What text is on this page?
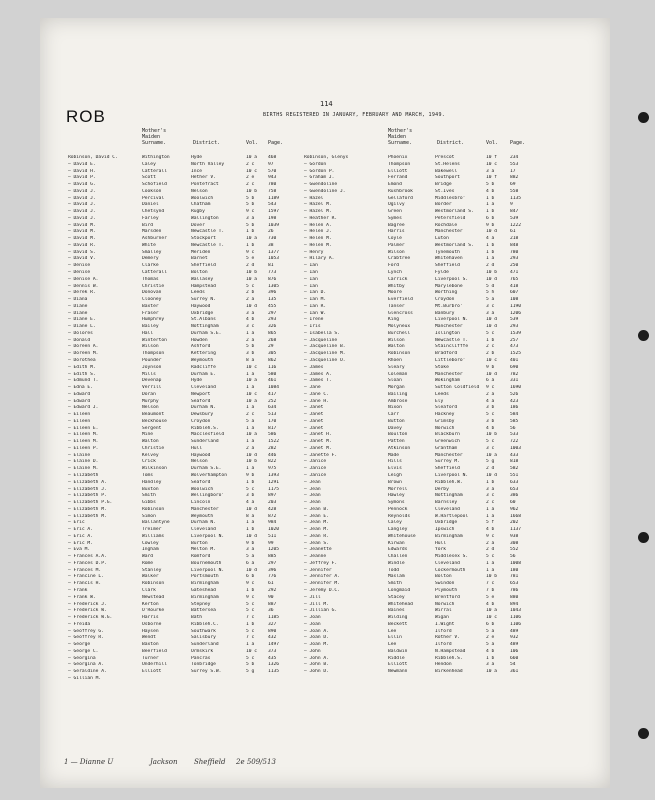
114
ROB	BIRTHS REGISTERED IN JANUARY, FEBRUARY AND MARCH, 1949.
Mother's Maiden Surname.	District.	Vol. Page.
Robinson, David C.	Withington	Hyde	10 a	468
— David E.	Caley	North Valley	2 c	97
— David H.	Catterall	Ince	10 c	570
— David P.	Scott	Hether V.	2 e	943
— David G.	Schofield	Pontefract	2 c	780
— David J.	Cookson	Nelson	10 b	758
— David J.	Percival	Woolwich	5 b	1189
— David J.	Daniel	Chatham	5 b	543
— David J.	Chetsynd	Rugby	9 c	1597
— David J.	Farley	Wallington	3 a	198
— David M.	Bird	Dover	5 b	1039
— David M.	Marsden	Newcastle T.	1 b	26
— David M.	Ashburner	Stockport	10 a	730
— David R.	White	Newcastle T.	1 b	38
— David S.	Smalley	Meriden	9 c	1377
— David V.	Demery	Barnet	5 e	1053
— Denise	Clarke	Sheffield	2 d	81
— Denise	Catterall	Bolton	10 b	773
— Denise A.	Thomas	Wallasey	10 a	876
— Dennis W.	Christie	Hampstead	5 c	1305
— Derek R.	Donovan	Leeds	2 b	396
— Diana	Clooney	Surrey N.	2 a	135
— Diane	Baxter	Haywood	10 d	455
— Diane	Fraser	Uxbridge	3 a	297
— Diane E.	Humphrey	St.Albans	4 b	293
— Diane L.	Bailey	Nottingham	3 c	326
— Dolores	Hall	Durham S.E.	1 a	865
— Donald	Winterton	Howden	2 a	268
— Doreen A.	Wilson	Ashford	5 b	29
— Doreen M.	Thompson	Kettering	3 b	305
— Dorothea	Pounder	Weymouth	8 a	862
— Edith M.	Joynson	Radcliffe	10 c	116
— Edith S.	Mills	Durham E.	1 a	580
— Edmund T.	Devenap	Hyde	10 a	461
— Edna E.	Verrill	Cleveland	1 a	1084
— Edward	Doran	Newport	10 c	417
— Edward	Murphy	Seaford	10 a	252
— Edward J.	Nelson	Durham N.	1 a	634
— Eileen	Beaumont	Dewsbury	2 c	513
— Eileen	Beckhouse	Croydon	5 a	170
— Eileen E.	Sergent	Ribbleh.S.	1 a	817
— Eileen M.	Mine	Macclesfield	10 a	586
— Eileen M.	Walton	Sunderland	1 a	1522
— Eileen P.	Christie	Hull	2 a	282
— Elaine	Kelvey	Haywood	10 d	446
— Elaine D.	Crick	Nelson	10 b	822
— Elaine M.	Wilkinson	Durham S.E.	1 a	975
— Elizabeth	Toms	Wolverhampton	9 b	1393
— Elizabeth A.	Handley	Seaford	1 b	1291
— Elizabeth J.	Buxton	Woolwich	5 c	1175
— Elizabeth P.	Smith	Wellingboro'	3 b	897
— Elizabeth P.G.	Gibbs	Lincoln	4 a	203
— Elizabeth M.	Robinson	Manchester	10 d	428
— Elizabeth M.	Simon	Weymouth	8 a	872
— Eric	Ballantyne	Durham N.	1 a	984
— Eric A.	Treimer	Cleveland	1 b	1020
— Eric A.	Williams	Liverpool N.	10 d	511
— Eric M.	Cowley	Burton	9 b	99
— Eva M.	Ingham	Melton M.	3 a	1205
— Frances A.A.	Ward	Romford	5 a	885
— Frances D.P.	Rome	Bournemouth	6 a	297
— Frances M.	Stanley	Liverpool N.	10 d	396
— Francine L.	Walker	Portsmouth	6 b	776
— Francis H.	Robinson	Birmingham	9 c	61
— Frank	Clark	Gateshead	1 b	292
— Frank W.	Newstead	Birmingham	9 c	90
— Frederick J.	Kerton	Stepney	5 c	887
— Frederick W.	O'Rourke	Battersea	5 c	36
— Frederick W.G.	Harris	Bath	7 c	1185
— Freida	Osborne	Ribbleh.C.	1 b	327
— Geoffrey G.	Haysen	Southwark	5 c	890
— Geoffrey R.	Wendt	Salisbury	7 c	432
— George	Baxton	Sunderland	1 a	1497
— George C.	Beerfield	Ormskirk	10 c	373
— Georgina	Turner	Pancras	5 c	435
— Georgina A.	Underhill	Tonbridge	5 b	1326
— Geraldine A.	Elliott	Surrey S.W.	5 g	1135
— Gillian M.
Mother's Maiden Surname.	District.	Vol. Page.
Robinson, Glenys	Phoenix	Prescot	10 f	234
— Gordon	Thompson	St.Helens	10 c	553
— Gordon P.	Elliott	Bakewell	3 a	17
— Graham J.	Ferrand	Southport	10 f	882
— Gwendoline	Emond	Bridge	5 b	69
— Gwendoline J.	Rushbrook	St.Ives	4 b	558
— Hazel	Gellaford	Middlesbro'	1 b	1135
— Hazel M.	Ogilvy	Border	1 a	9
— Hazel M.	Green	Westmorland S.	1 b	847
— Heather R.	Symes	Petersfield	6 b	539
— Helen A.	Bagree	Rochdale	9 b	1222
— Helen J.	Harris	Manchester	10 d	61
— Helen M.	Coyle	Luton	4 a	218
— Helen M.	Palmer	Westmorland S.	1 b	848
— Henry	Wilson	Tynemouth	1 b	780
— Hilary A.	Crabtree	Whitehaven	1 a	293
— Ian	Ford	Sheffield	2 d	250
— Ian	Lynch	Fylde	10 b	471
— Ian	Carrick	Liverpool S.	10 d	765
— Ian	Whitby	Marylebone	5 d	418
— Ian D.	Moore	Worthing	5 h	607
— Ian M.	Everfield	Croydon	5 a	108
— Ian R.	Tanser	Mt.Burbro'	3 c	1190
— Ian W.	Glencross	Banbury	3 a	1206
— Irene	King	Liverpool N.	10 d	539
— Iris	Molyneux	Manchester	10 d	293
— Isabella S.	Burchell	Islington	5 c	1539
— Jacqueline	Wilson	Newcastle T.	1 b	257
— Jacqueline B.	Walton	Stainclifffe	2 c	473
— Jacqueline M.	Robinson	Bradford	2 b	1525
— Jacqueline O.	Rhoen	Littleboro'	10 c	401
— James	Sleary	Stoke	9 b	690
— James A.	Coleman	Manchester	10 d	782
— James T.	Sloan	Wokingham	6 a	331
— Jane	Morgan	Sutton Coldfield	9 c	1690
— Jane C.	Bailing	Leeds	2 a	526
— Jane H.	Ambrose	Ely	4 a	423
— Janet	Nixon	Sleaford	3 b	186
— Janet	Carr	Hackney	5 c	584
— Janet	Button	Grimsby	3 b	585
— Janet	Davey	Norwich	4 b	56
— Janet H.	Boulton	Blackburn	10 b	533
— Janet M.	Patten	Greenwich	5 c	722
— Janet M.	Atkinson	Grantham	3 c	1003
— Janette F.	Made	Manchester	10 a	433
— Janice	Hills	Surrey M.	5 g	818
— Janice	Elvis	Sheffield	2 d	582
— Janice	Leigh	Liverpool N.	10 d	551
— Jean	Brown	Ribbleh.W.	1 b	633
— Jean	Morrell	Derby	3 a	653
— Jean	Hawley	Nottingham	3 c	386
— Jean	Symons	Barnsley	2 c	60
— Jean B.	Pennock	Cleveland	1 a	962
— Jean E.	Reynolds	W.Hartlepool	1 a	1668
— Jean M.	Caley	Uxbridge	5 f	202
— Jean M.	Langley	Ipswich	4 b	1137
— Jean R.	Whitehouse	Birmingham	9 c	938
— Jean S.	Kirwan	Hull	2 a	308
— Jeanette	Edwards	York	2 d	552
— Jeanne	Challen	Middlesex S.	5 c	56
— Jeffrey F.	Windle	Cleveland	1 a	1008
— Jennifer	Todd	Cockermouth	1 a	180
— Jennifer A.	Maslam	Bolton	10 b	781
— Jennifer M.	Smith	Swindon	7 c	653
— Jeremy D.C.	Longmaid	Plymouth	7 b	786
— Jill	Stacey	Brentford	5 e	880
— Jill M.	Whitehead	Norwich	4 b	894
— Jillian G.	Baines	Wirral	10 a	1043
— Joan	Wilding	Wigan	10 c	1106
— Joan	Beckett	I.Wight	6 b	1106
— Joan A.	Lee	Ilford	5 a	489
— Joan D.	Ellin	Rother V.	2 e	932
— Joan M.	Lee	Ilford	5 a	489
— John	Baldwin	N.Hampstead	4 b	106
— John A.	Riddle	Ribbleh.S.	1 b	660
— John B.	Elliott	Hendon	3 a	54
— John D.	Newmann	Birkenhead	10 a	361
1 — Dianne U	Jackson Sheffield 2e 509/513
